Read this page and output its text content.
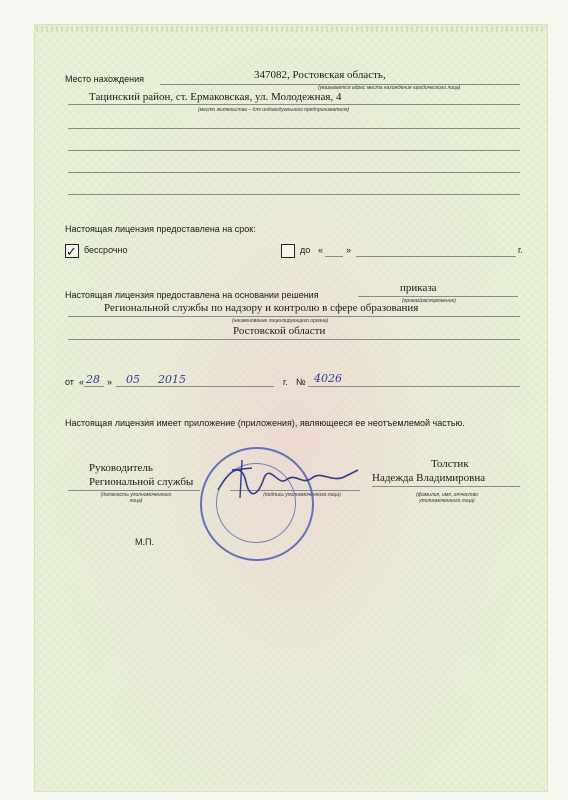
Место нахождения	347082, Ростовская область,
(указывается адрес места нахождения юридического лица)
Тацинский район, ст. Ермаковская, ул. Молодежная, 4
(место жительства – для индивидуального предпринимателя)
Настоящая лицензия предоставлена на срок:
✓ бессрочно	до «	»	г.
Настоящая лицензия предоставлена на основании решения
приказа
(приказ/распоряжение)
Региональной службы по надзору и контролю в сфере образования
(наименование лицензирующего органа)
Ростовской области
от « 28 » 05 2015	г. № 4026
Настоящая лицензия имеет приложение (приложения), являющееся ее неотъемлемой частью.
Руководитель
Региональной службы
(должность уполномоченного лица)
(подпись уполномоченного лица)
Толстик
Надежда Владимировна
(фамилия, имя, отчество уполномоченного лица)
М.П.
